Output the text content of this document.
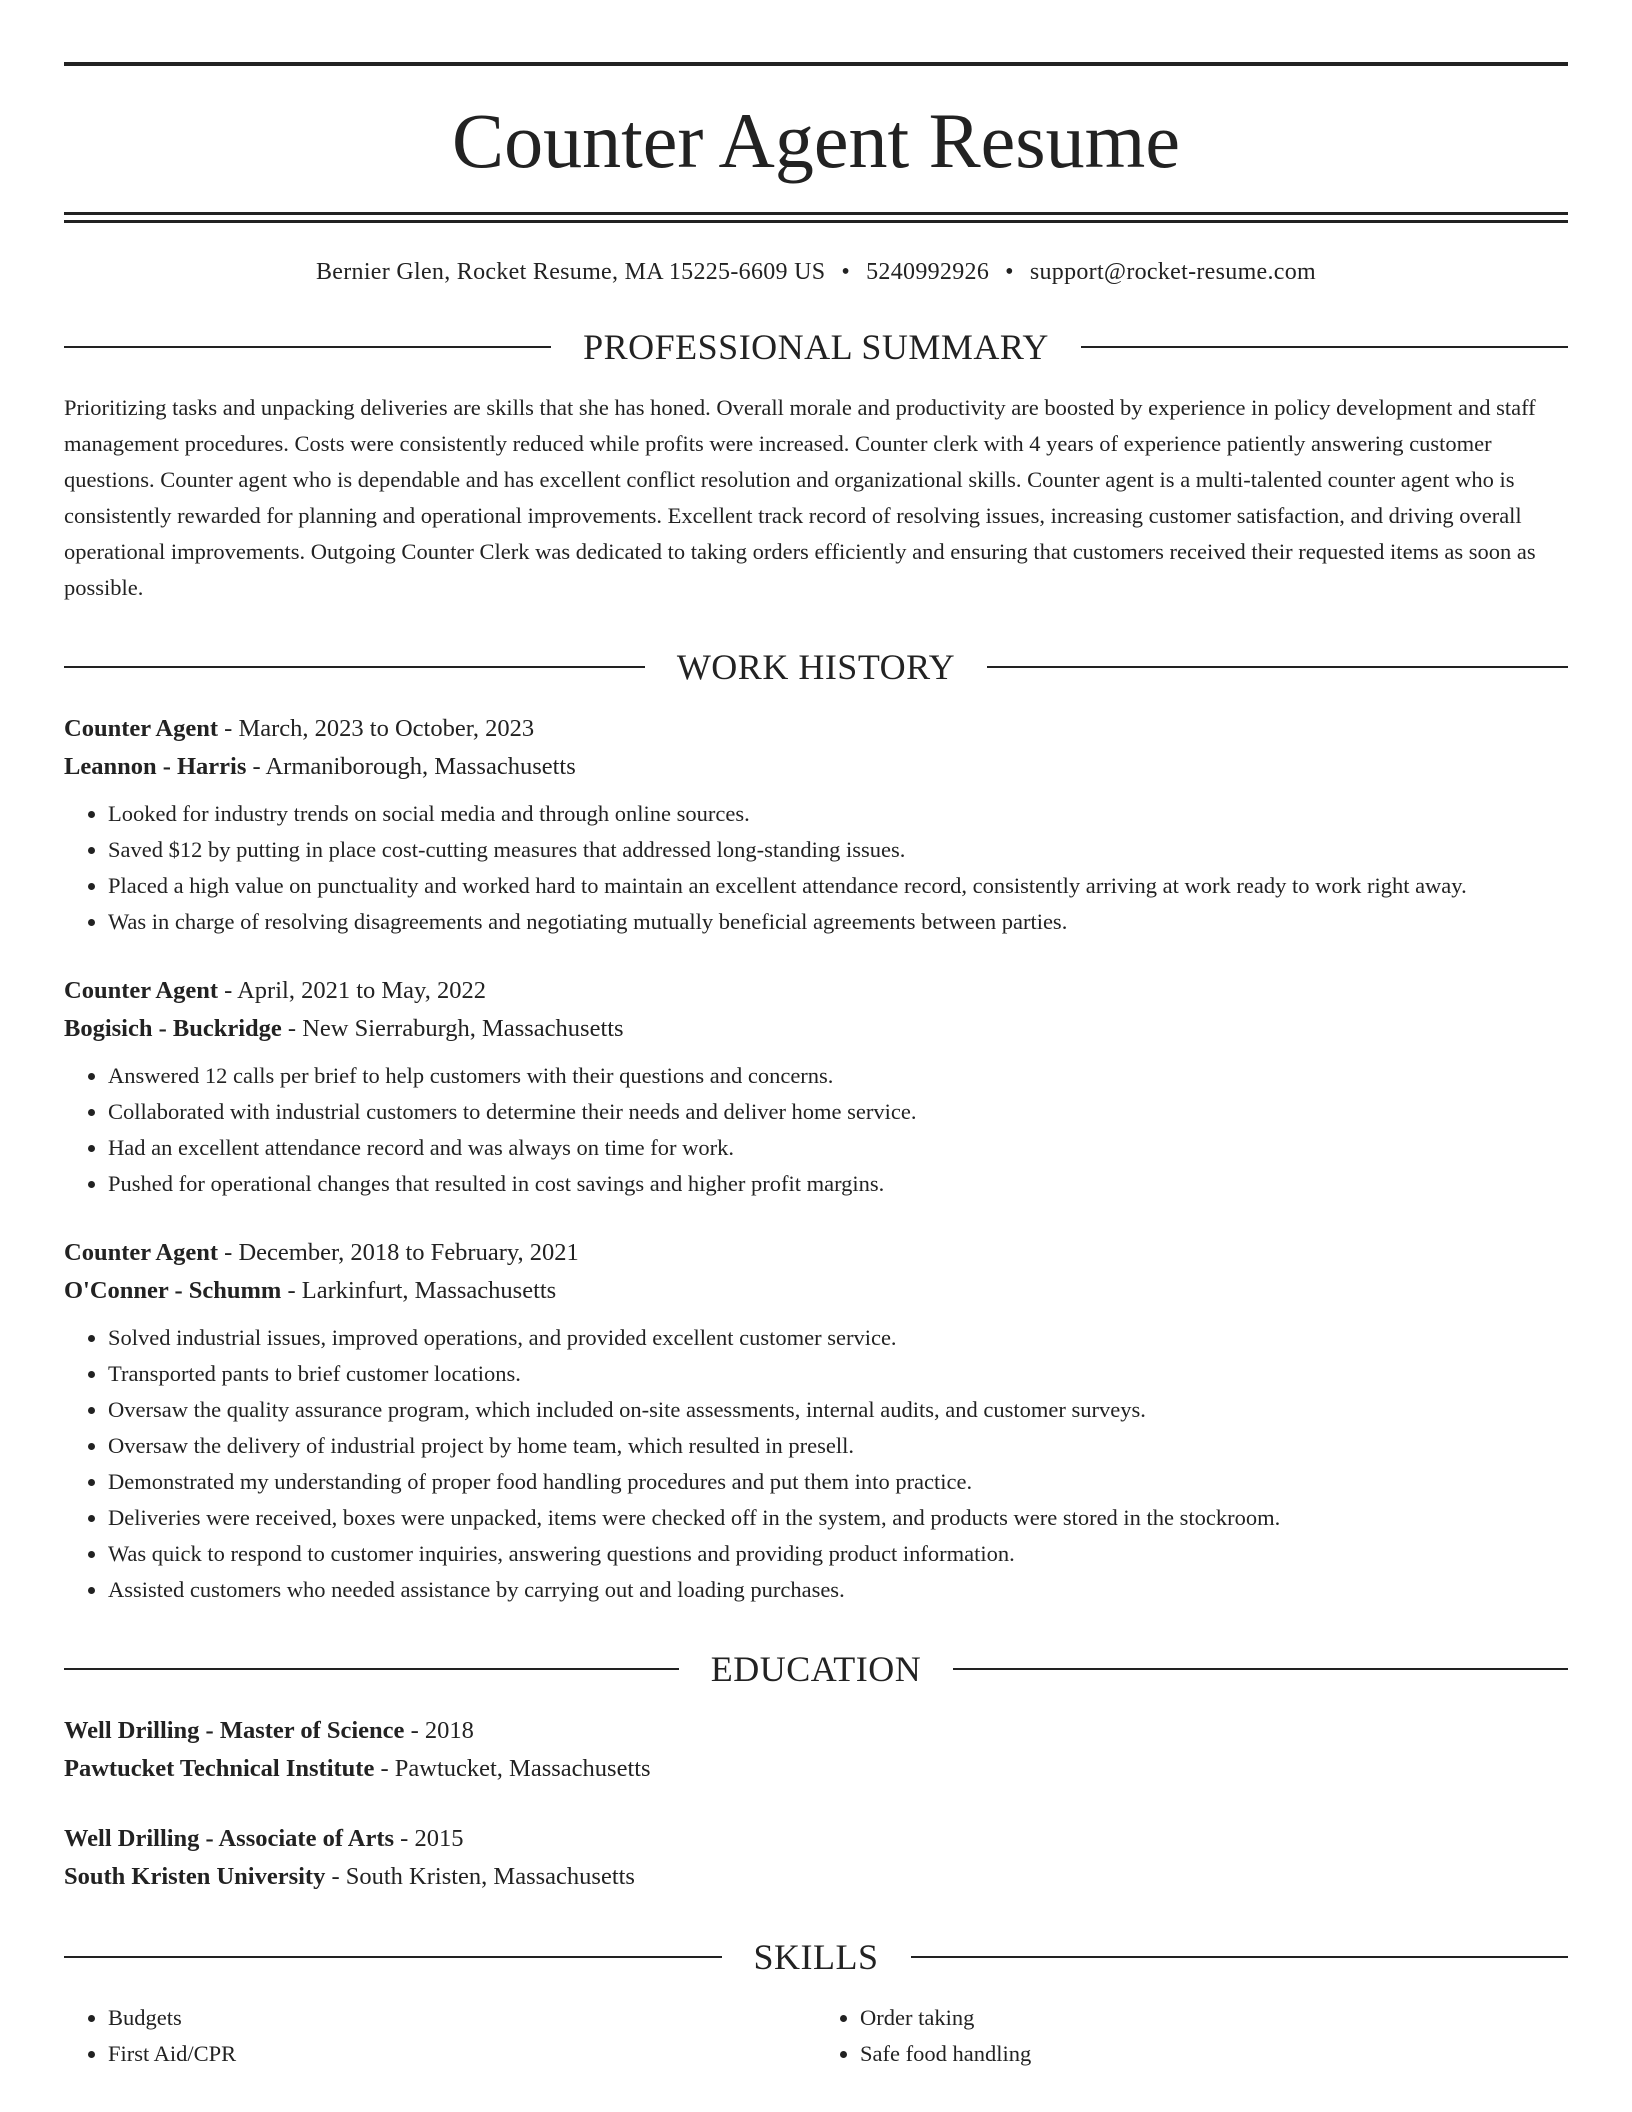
Counter Agent Resume
Bernier Glen, Rocket Resume, MA 15225-6609 US • 5240992926 • support@rocket-resume.com
PROFESSIONAL SUMMARY

Prioritizing tasks and unpacking deliveries are skills that she has honed. Overall morale and productivity are boosted by experience in policy development and staff management procedures. Costs were consistently reduced while profits were increased. Counter clerk with 4 years of experience patiently answering customer questions. Counter agent who is dependable and has excellent conflict resolution and organizational skills. Counter agent is a multi-talented counter agent who is consistently rewarded for planning and operational improvements. Excellent track record of resolving issues, increasing customer satisfaction, and driving overall operational improvements. Outgoing Counter Clerk was dedicated to taking orders efficiently and ensuring that customers received their requested items as soon as possible.

WORK HISTORY
Counter Agent - March, 2023 to October, 2023
Leannon - Harris - Armaniborough, Massachusetts
• Looked for industry trends on social media and through online sources.
• Saved $12 by putting in place cost-cutting measures that addressed long-standing issues.
• Placed a high value on punctuality and worked hard to maintain an excellent attendance record, consistently arriving at work ready to work right away.
• Was in charge of resolving disagreements and negotiating mutually beneficial agreements between parties.
Counter Agent - April, 2021 to May, 2022
Bogisich - Buckridge - New Sierraburgh, Massachusetts
• Answered 12 calls per brief to help customers with their questions and concerns.
• Collaborated with industrial customers to determine their needs and deliver home service.
• Had an excellent attendance record and was always on time for work.
• Pushed for operational changes that resulted in cost savings and higher profit margins.
Counter Agent - December, 2018 to February, 2021
O'Conner - Schumm - Larkinfurt, Massachusetts
• Solved industrial issues, improved operations, and provided excellent customer service.
• Transported pants to brief customer locations.
• Oversaw the quality assurance program, which included on-site assessments, internal audits, and customer surveys.
• Oversaw the delivery of industrial project by home team, which resulted in presell.
• Demonstrated my understanding of proper food handling procedures and put them into practice.
• Deliveries were received, boxes were unpacked, items were checked off in the system, and products were stored in the stockroom.
• Was quick to respond to customer inquiries, answering questions and providing product information.
• Assisted customers who needed assistance by carrying out and loading purchases.
EDUCATION
Well Drilling - Master of Science - 2018
Pawtucket Technical Institute - Pawtucket, Massachusetts
Well Drilling - Associate of Arts - 2015
South Kristen University - South Kristen, Massachusetts
SKILLS
• Budgets
• First Aid/CPR
• Order taking
• Safe food handling
